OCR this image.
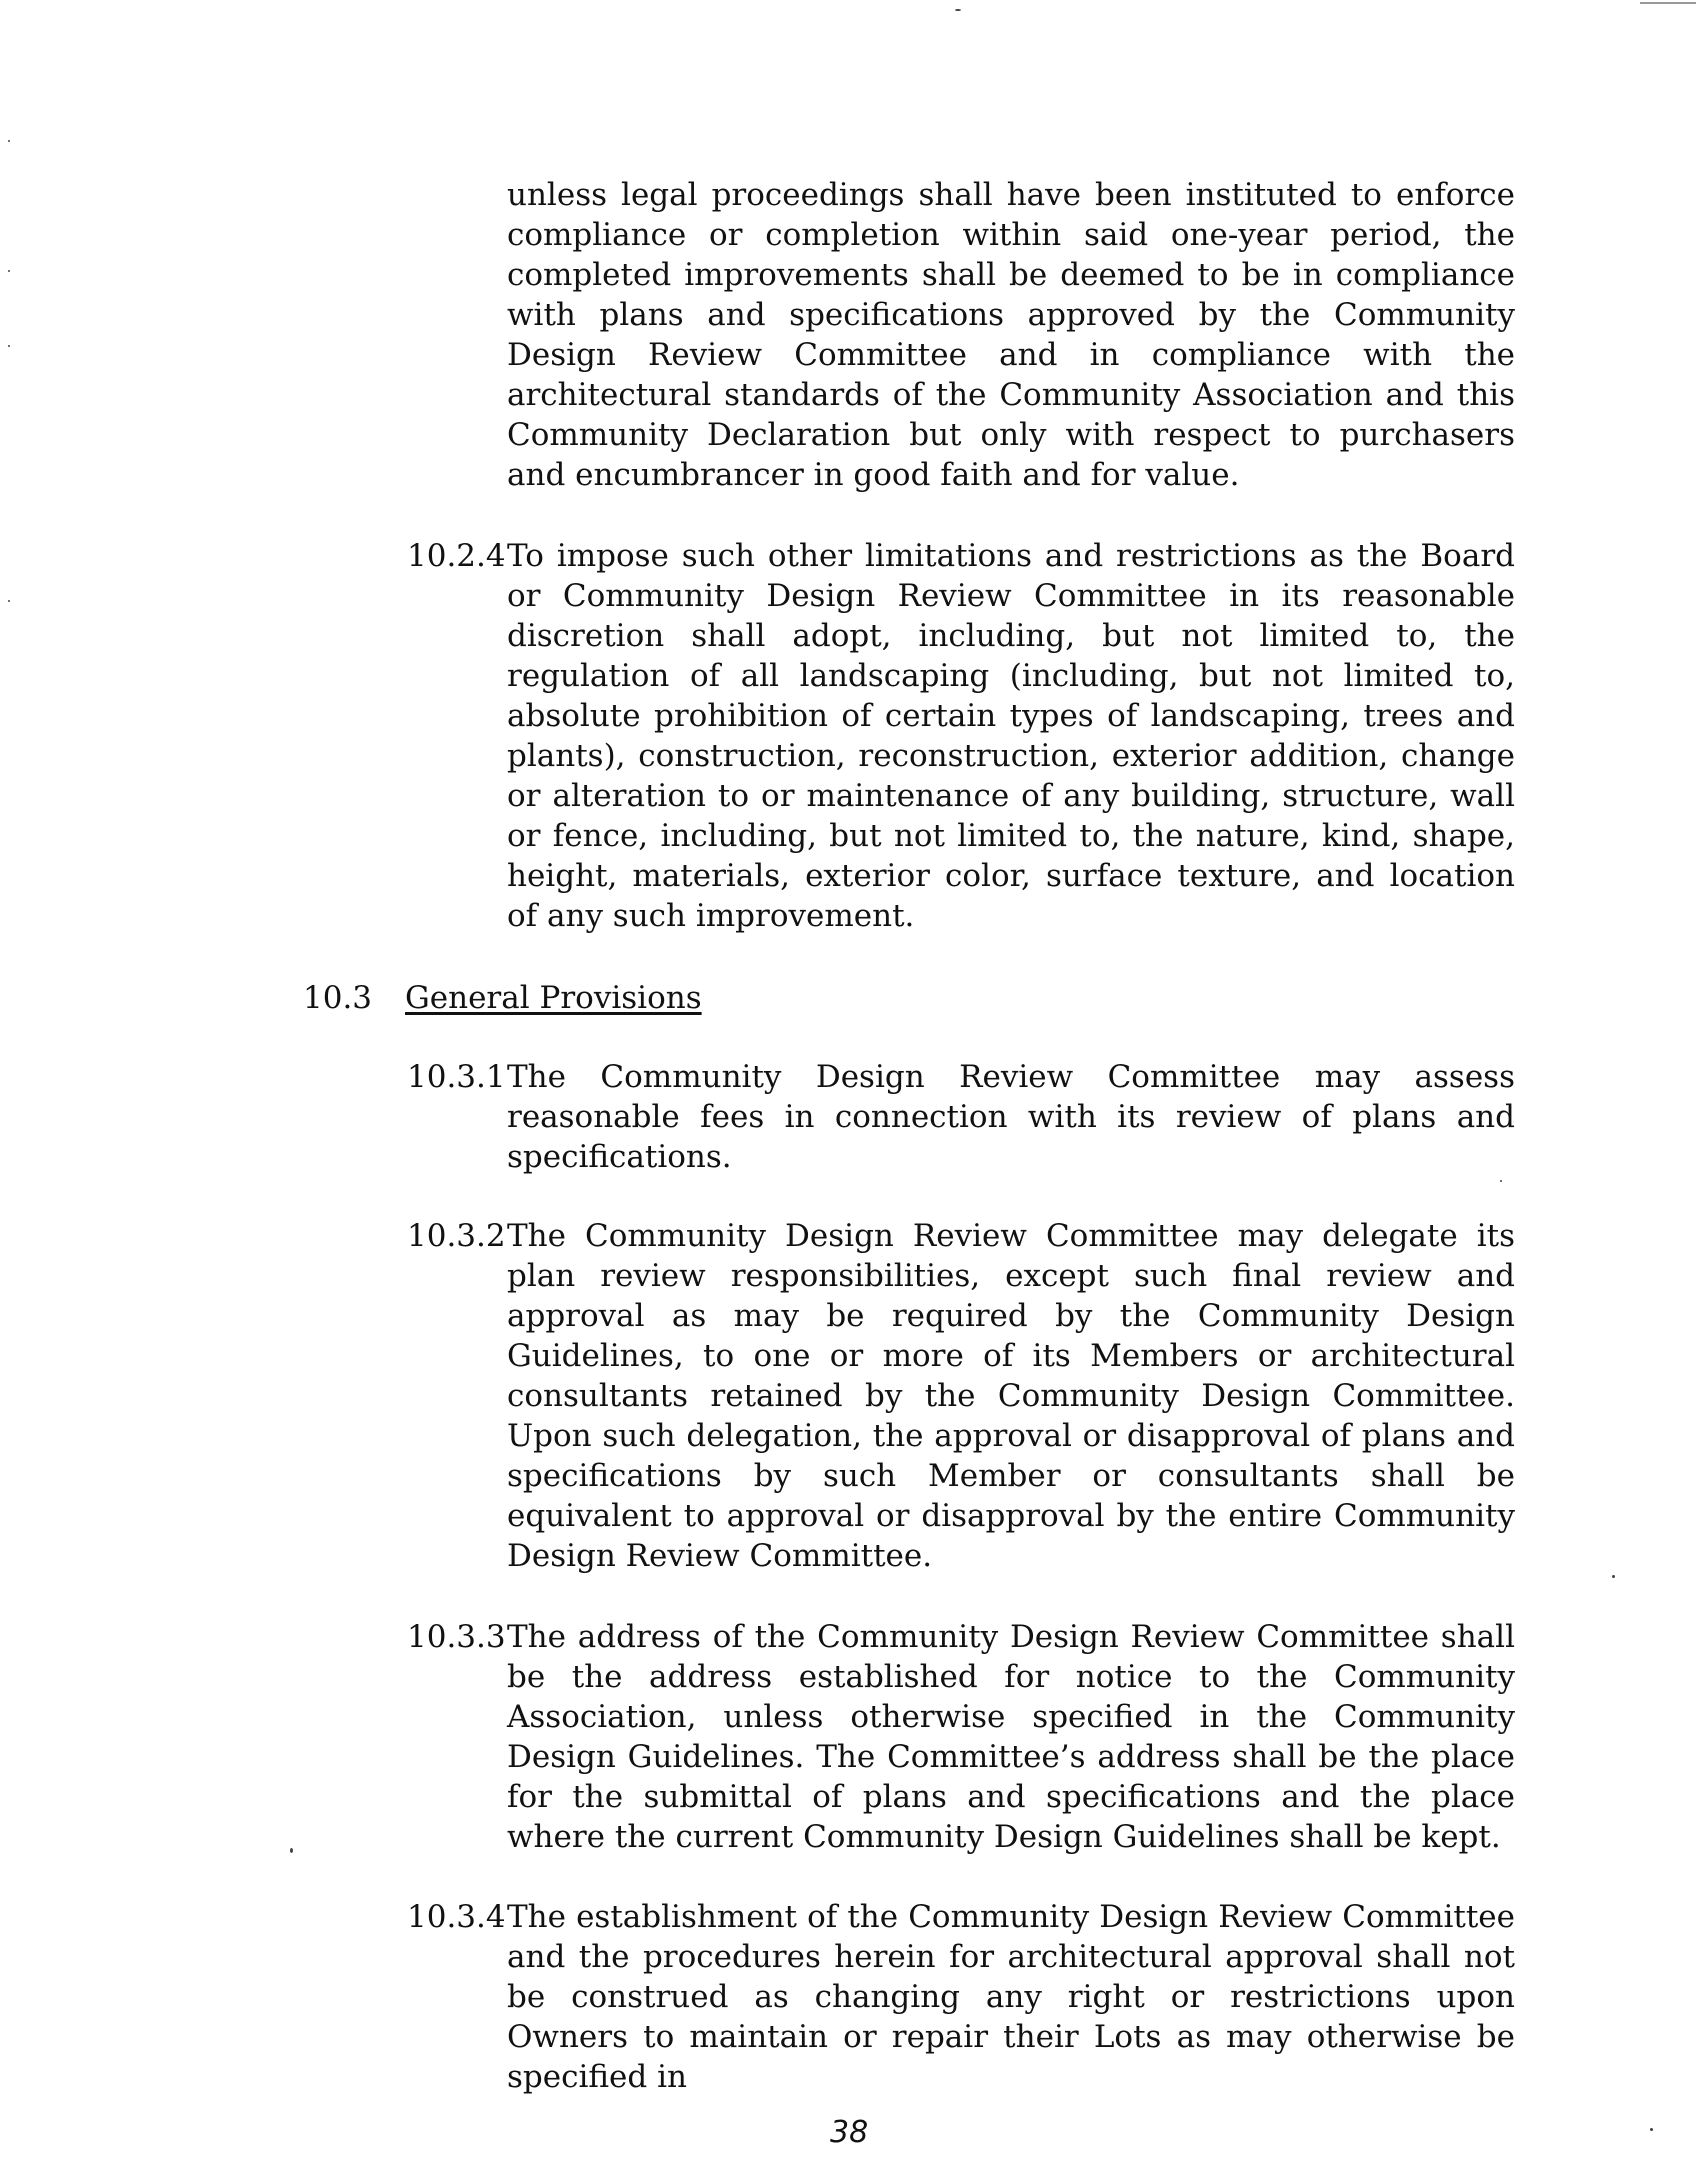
unless legal proceedings shall have been instituted to enforce compliance or completion within said one-year period, the completed improvements shall be deemed to be in compliance with plans and specifications approved by the Community Design Review Committee and in compliance with the architectural standards of the Community Association and this Community Declaration but only with respect to purchasers and encumbrancer in good faith and for value.
10.2.4 To impose such other limitations and restrictions as the Board or Community Design Review Committee in its reasonable discretion shall adopt, including, but not limited to, the regulation of all landscaping (including, but not limited to, absolute prohibition of certain types of landscaping, trees and plants), construction, reconstruction, exterior addition, change or alteration to or maintenance of any building, structure, wall or fence, including, but not limited to, the nature, kind, shape, height, materials, exterior color, surface texture, and location of any such improvement.
10.3	General Provisions
10.3.1 The Community Design Review Committee may assess reasonable fees in connection with its review of plans and specifications.
10.3.2 The Community Design Review Committee may delegate its plan review responsibilities, except such final review and approval as may be required by the Community Design Guidelines, to one or more of its Members or architectural consultants retained by the Community Design Committee. Upon such delegation, the approval or disapproval of plans and specifications by such Member or consultants shall be equivalent to approval or disapproval by the entire Community Design Review Committee.
10.3.3 The address of the Community Design Review Committee shall be the address established for notice to the Community Association, unless otherwise specified in the Community Design Guidelines. The Committee’s address shall be the place for the submittal of plans and specifications and the place where the current Community Design Guidelines shall be kept.
10.3.4 The establishment of the Community Design Review Committee and the procedures herein for architectural approval shall not be construed as changing any right or restrictions upon Owners to maintain or repair their Lots as may otherwise be specified in
38
